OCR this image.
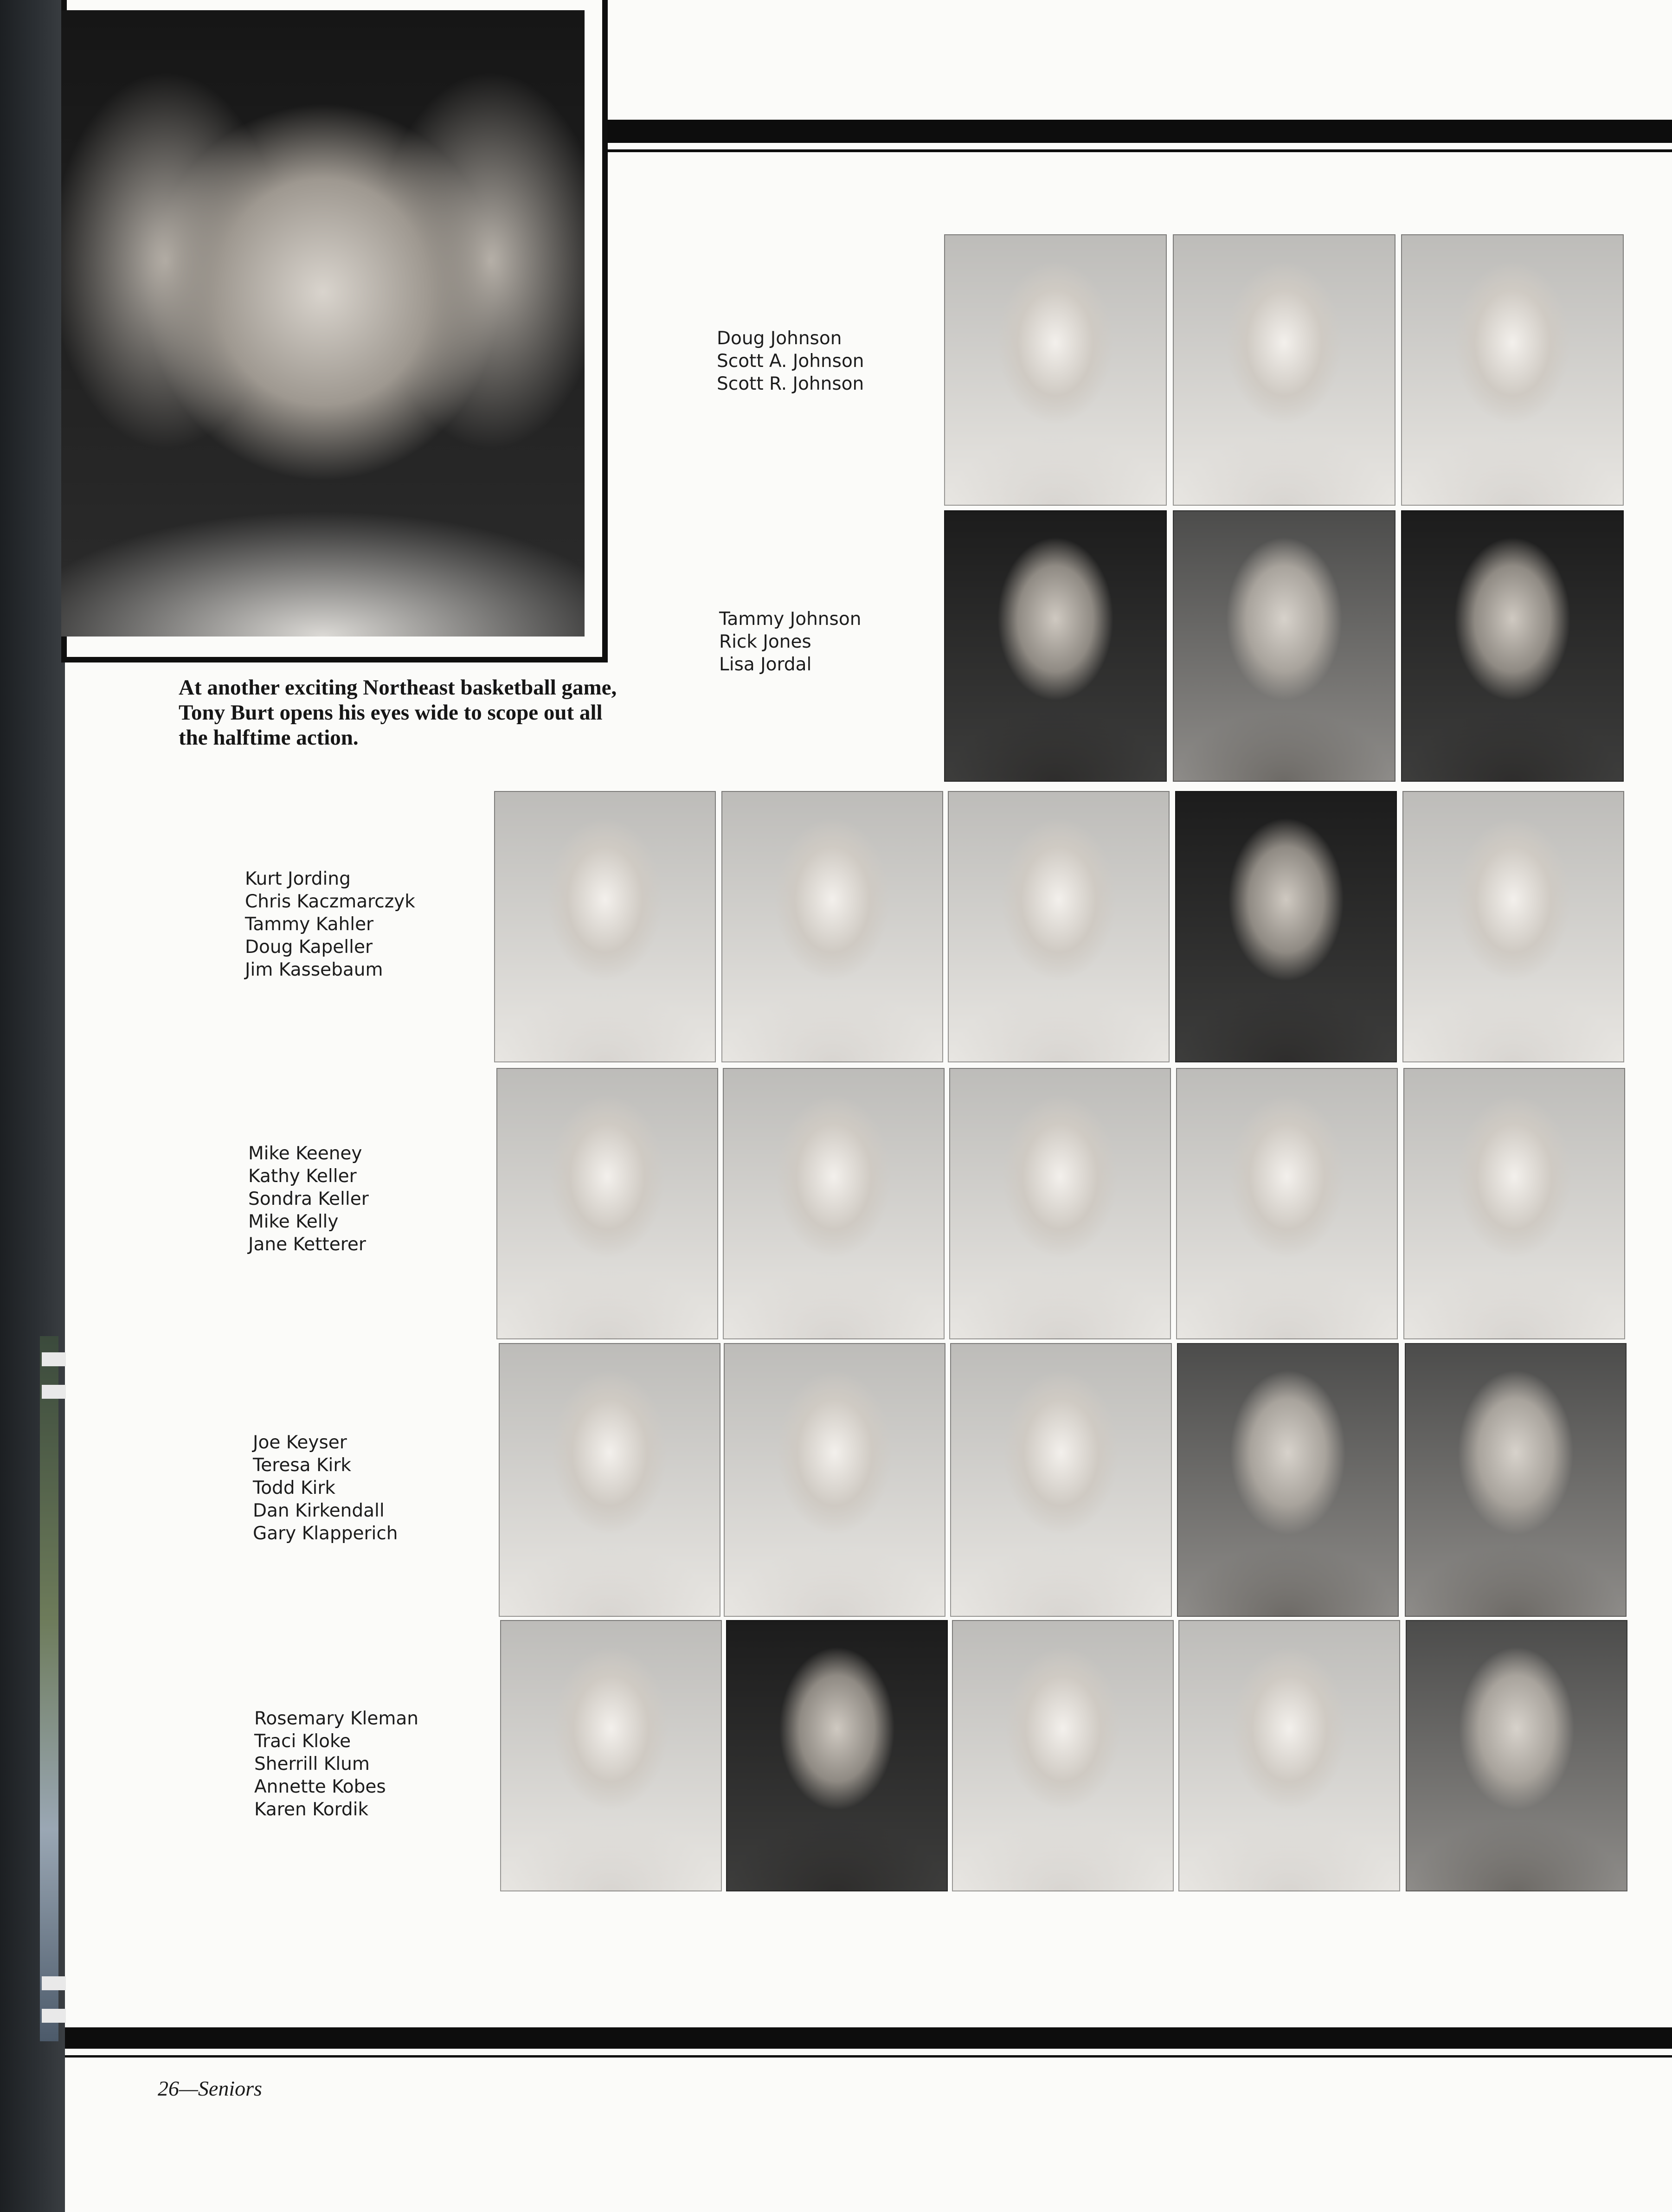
At another exciting Northeast basketball game, Tony Burt opens his eyes wide to scope out all the halftime action.
Doug Johnson
Scott A. Johnson
Scott R. Johnson
Tammy Johnson
Rick Jones
Lisa Jordal
Kurt Jording
Chris Kaczmarczyk
Tammy Kahler
Doug Kapeller
Jim Kassebaum
Mike Keeney
Kathy Keller
Sondra Keller
Mike Kelly
Jane Ketterer
Joe Keyser
Teresa Kirk
Todd Kirk
Dan Kirkendall
Gary Klapperich
Rosemary Kleman
Traci Kloke
Sherrill Klum
Annette Kobes
Karen Kordik
26—Seniors
